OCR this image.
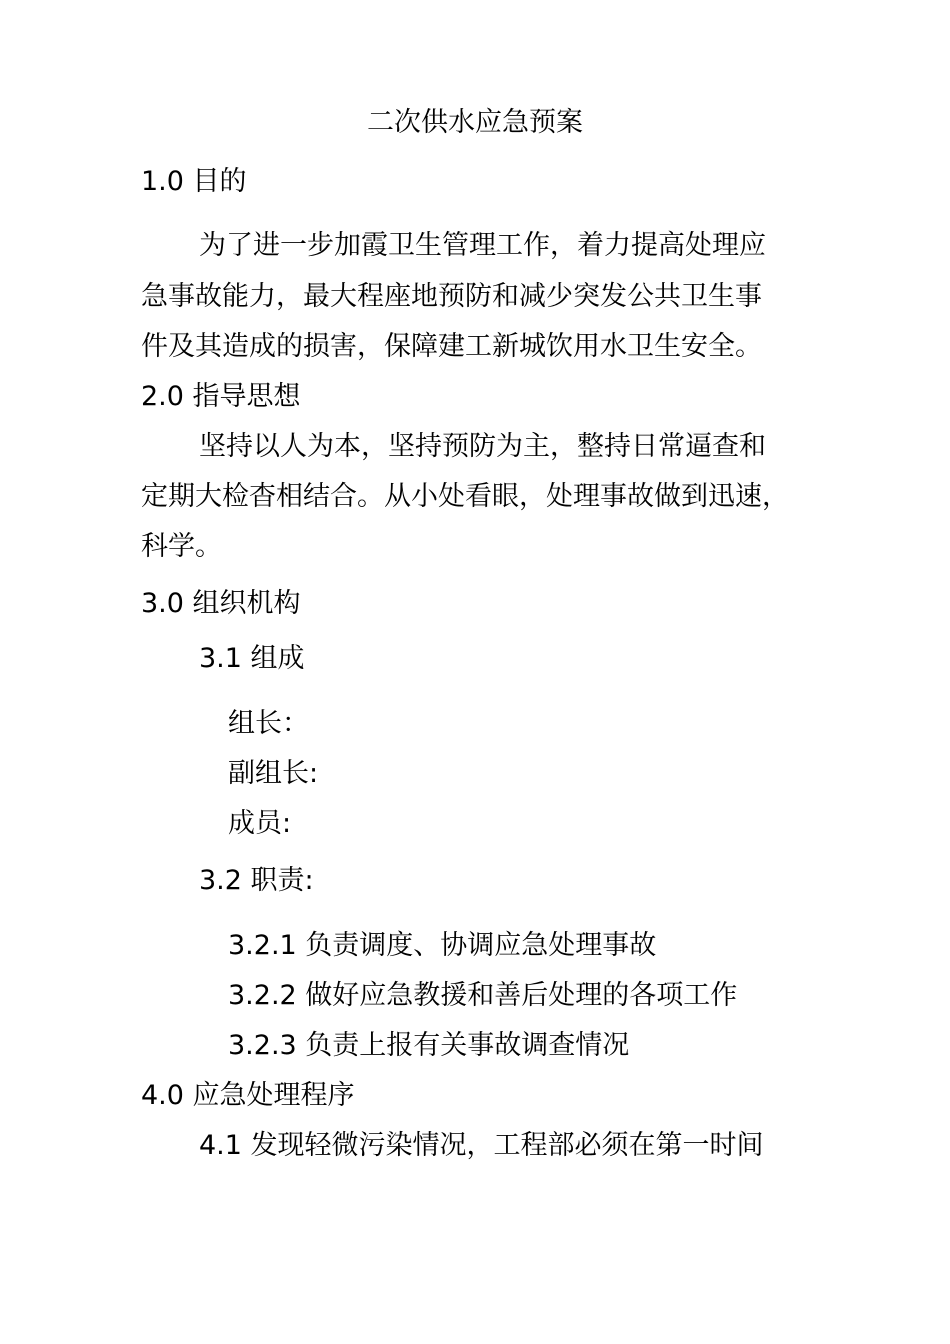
二次供水应急预案
1.0 目的
为了进一步加霞卫生管理工作，着力提高处理应
急事故能力，最大程座地预防和减少突发公共卫生事
件及其造成的损害，保障建工新城饮用水卫生安全。
2.0 指导思想
坚持以人为本，坚持预防为主，整持日常逼查和
定期大检杳相结合。从小处看眼，处理事故做到迅速，
科学。
3.0 组织机构
3.1 组成
组长：
副组长:
成员:
3.2 职责:
3.2.1 负责调度、协调应急处理事故
3.2.2 做好应急教援和善后处理的各项工作
3.2.3 负责上报有关事故调查情况
4.0 应急处理程序
4.1 发现轻微污染情况，工程部必须在第一时间
